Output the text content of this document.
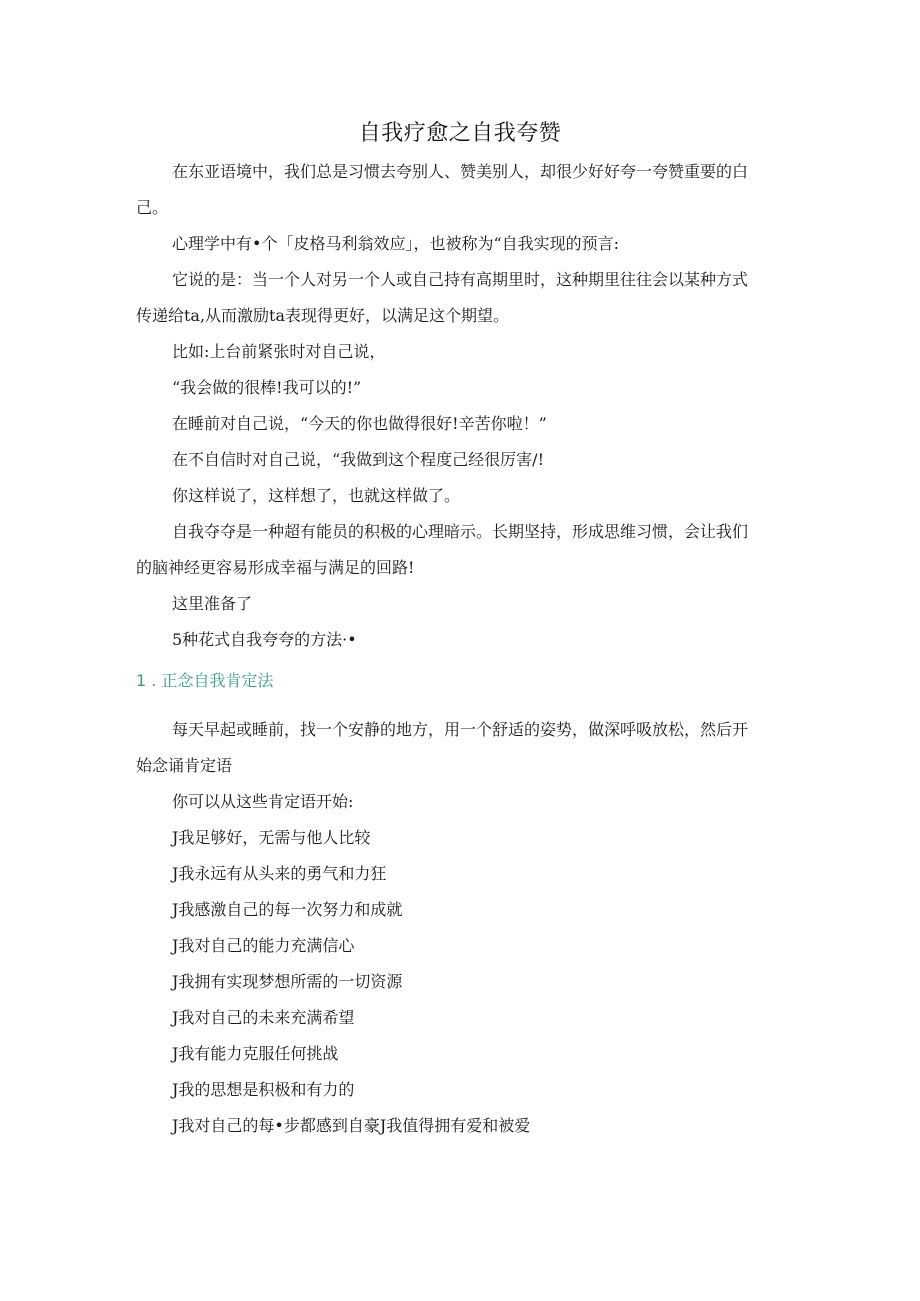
自我疗愈之自我夸赞
在东亚语境中，我们总是习惯去夸别人、赞美别人，却很少好好夸一夸赞重要的白
己。
心理学中有•个「皮格马利翁效应」，也被称为“自我实现的预言:
它说的是：当一个人对另一个人或自己持有高期里时，这种期里往往会以某种方式
传递给ta,从而激励ta表现得更好，以满足这个期望。
比如:上台前紧张时对自己说，
“我会做的很棒!我可以的!”
在睡前对自己说，“今天的你也做得很好!辛苦你啦！”
在不自信时对自己说，“我做到这个程度己经很厉害/!
你这样说了，这样想了，也就这样做了。
自我夺夺是一种超有能员的积极的心理暗示。长期坚持，形成思维习惯，会让我们
的脑神经更容易形成幸福与满足的回路!
这里准备了
5种花式自我夸夸的方法·•
1 . 正念自我肯定法
每天早起或睡前，找一个安静的地方，用一个舒适的姿势，做深呼吸放松，然后开
始念诵肯定语
你可以从这些肯定语开始:
J我足够好，无需与他人比较
J我永远有从头来的勇气和力狂
J我感激自己的每一次努力和成就
J我对自己的能力充满信心
J我拥有实现梦想所需的一切资源
J我对自己的未来充满希望
J我有能力克服任何挑战
J我的思想是积极和有力的
J我对自己的每•步都感到自豪J我值得拥有爱和被爱
